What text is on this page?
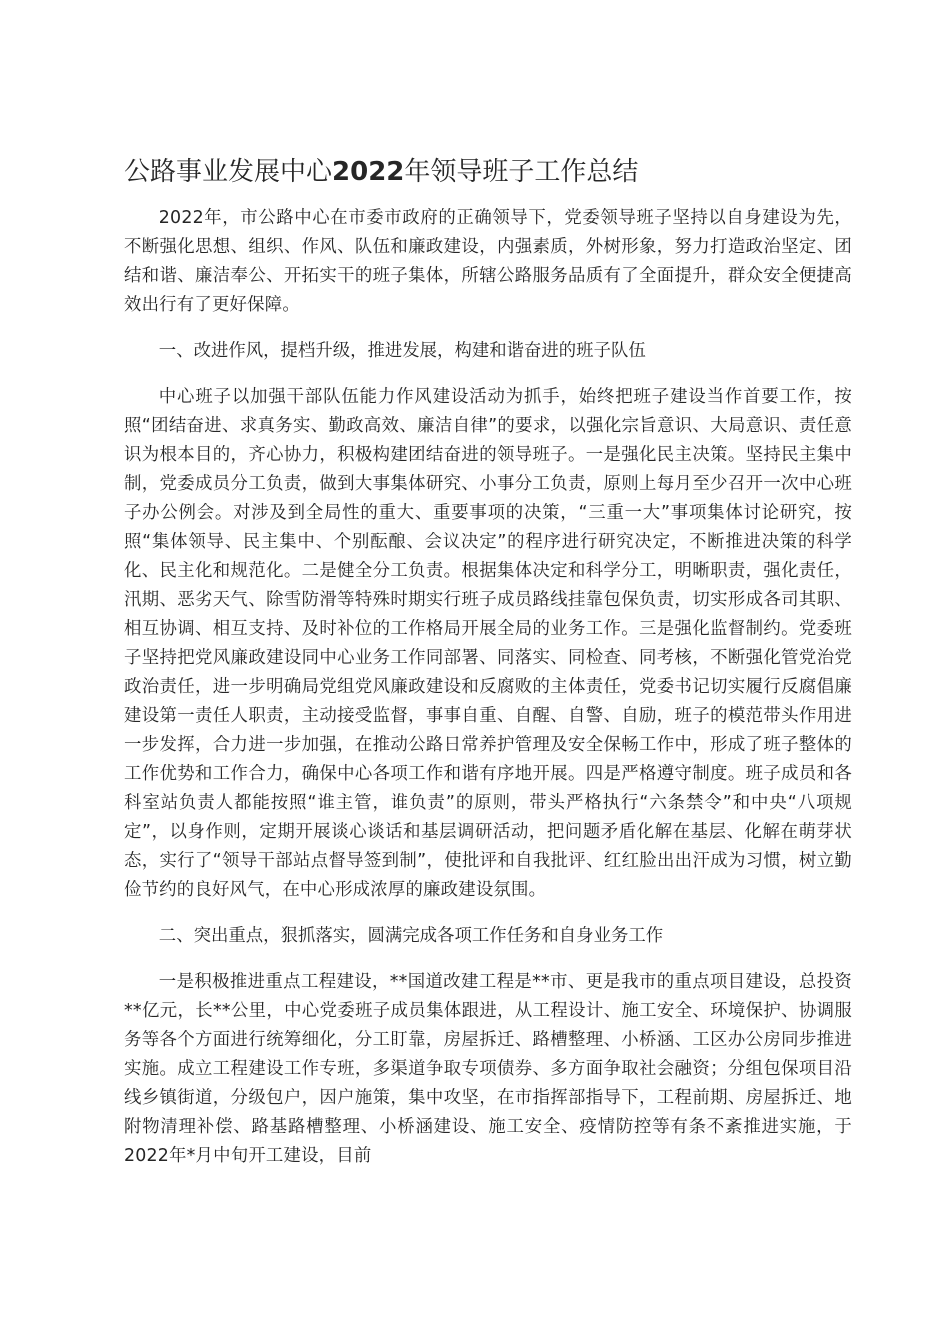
公路事业发展中心2022年领导班子工作总结

2022年，市公路中心在市委市政府的正确领导下，党委领导班子坚持以自身建设为先，不断强化思想、组织、作风、队伍和廉政建设，内强素质，外树形象，努力打造政治坚定、团结和谐、廉洁奉公、开拓实干的班子集体，所辖公路服务品质有了全面提升，群众安全便捷高效出行有了更好保障。

一、改进作风，提档升级，推进发展，构建和谐奋进的班子队伍

中心班子以加强干部队伍能力作风建设活动为抓手，始终把班子建设当作首要工作，按照“团结奋进、求真务实、勤政高效、廉洁自律”的要求，以强化宗旨意识、大局意识、责任意识为根本目的，齐心协力，积极构建团结奋进的领导班子。一是强化民主决策。坚持民主集中制，党委成员分工负责，做到大事集体研究、小事分工负责，原则上每月至少召开一次中心班子办公例会。对涉及到全局性的重大、重要事项的决策，“三重一大”事项集体讨论研究，按照“集体领导、民主集中、个别酝酿、会议决定”的程序进行研究决定，不断推进决策的科学化、民主化和规范化。二是健全分工负责。根据集体决定和科学分工，明晰职责，强化责任，汛期、恶劣天气、除雪防滑等特殊时期实行班子成员路线挂靠包保负责，切实形成各司其职、相互协调、相互支持、及时补位的工作格局开展全局的业务工作。三是强化监督制约。党委班子坚持把党风廉政建设同中心业务工作同部署、同落实、同检查、同考核，不断强化管党治党政治责任，进一步明确局党组党风廉政建设和反腐败的主体责任，党委书记切实履行反腐倡廉建设第一责任人职责，主动接受监督，事事自重、自醒、自警、自励，班子的模范带头作用进一步发挥，合力进一步加强，在推动公路日常养护管理及安全保畅工作中，形成了班子整体的工作优势和工作合力，确保中心各项工作和谐有序地开展。四是严格遵守制度。班子成员和各科室站负责人都能按照“谁主管，谁负责”的原则，带头严格执行“六条禁令”和中央“八项规定”，以身作则，定期开展谈心谈话和基层调研活动，把问题矛盾化解在基层、化解在萌芽状态，实行了“领导干部站点督导签到制”，使批评和自我批评、红红脸出出汗成为习惯，树立勤俭节约的良好风气，在中心形成浓厚的廉政建设氛围。

二、突出重点，狠抓落实，圆满完成各项工作任务和自身业务工作

一是积极推进重点工程建设，**国道改建工程是**市、更是我市的重点项目建设，总投资**亿元，长**公里，中心党委班子成员集体跟进，从工程设计、施工安全、环境保护、协调服务等各个方面进行统筹细化，分工盯靠，房屋拆迁、路槽整理、小桥涵、工区办公房同步推进实施。成立工程建设工作专班，多渠道争取专项债券、多方面争取社会融资；分组包保项目沿线乡镇街道，分级包户，因户施策，集中攻坚，在市指挥部指导下，工程前期、房屋拆迁、地附物清理补偿、路基路槽整理、小桥涵建设、施工安全、疫情防控等有条不紊推进实施，于2022年*月中旬开工建设，目前
